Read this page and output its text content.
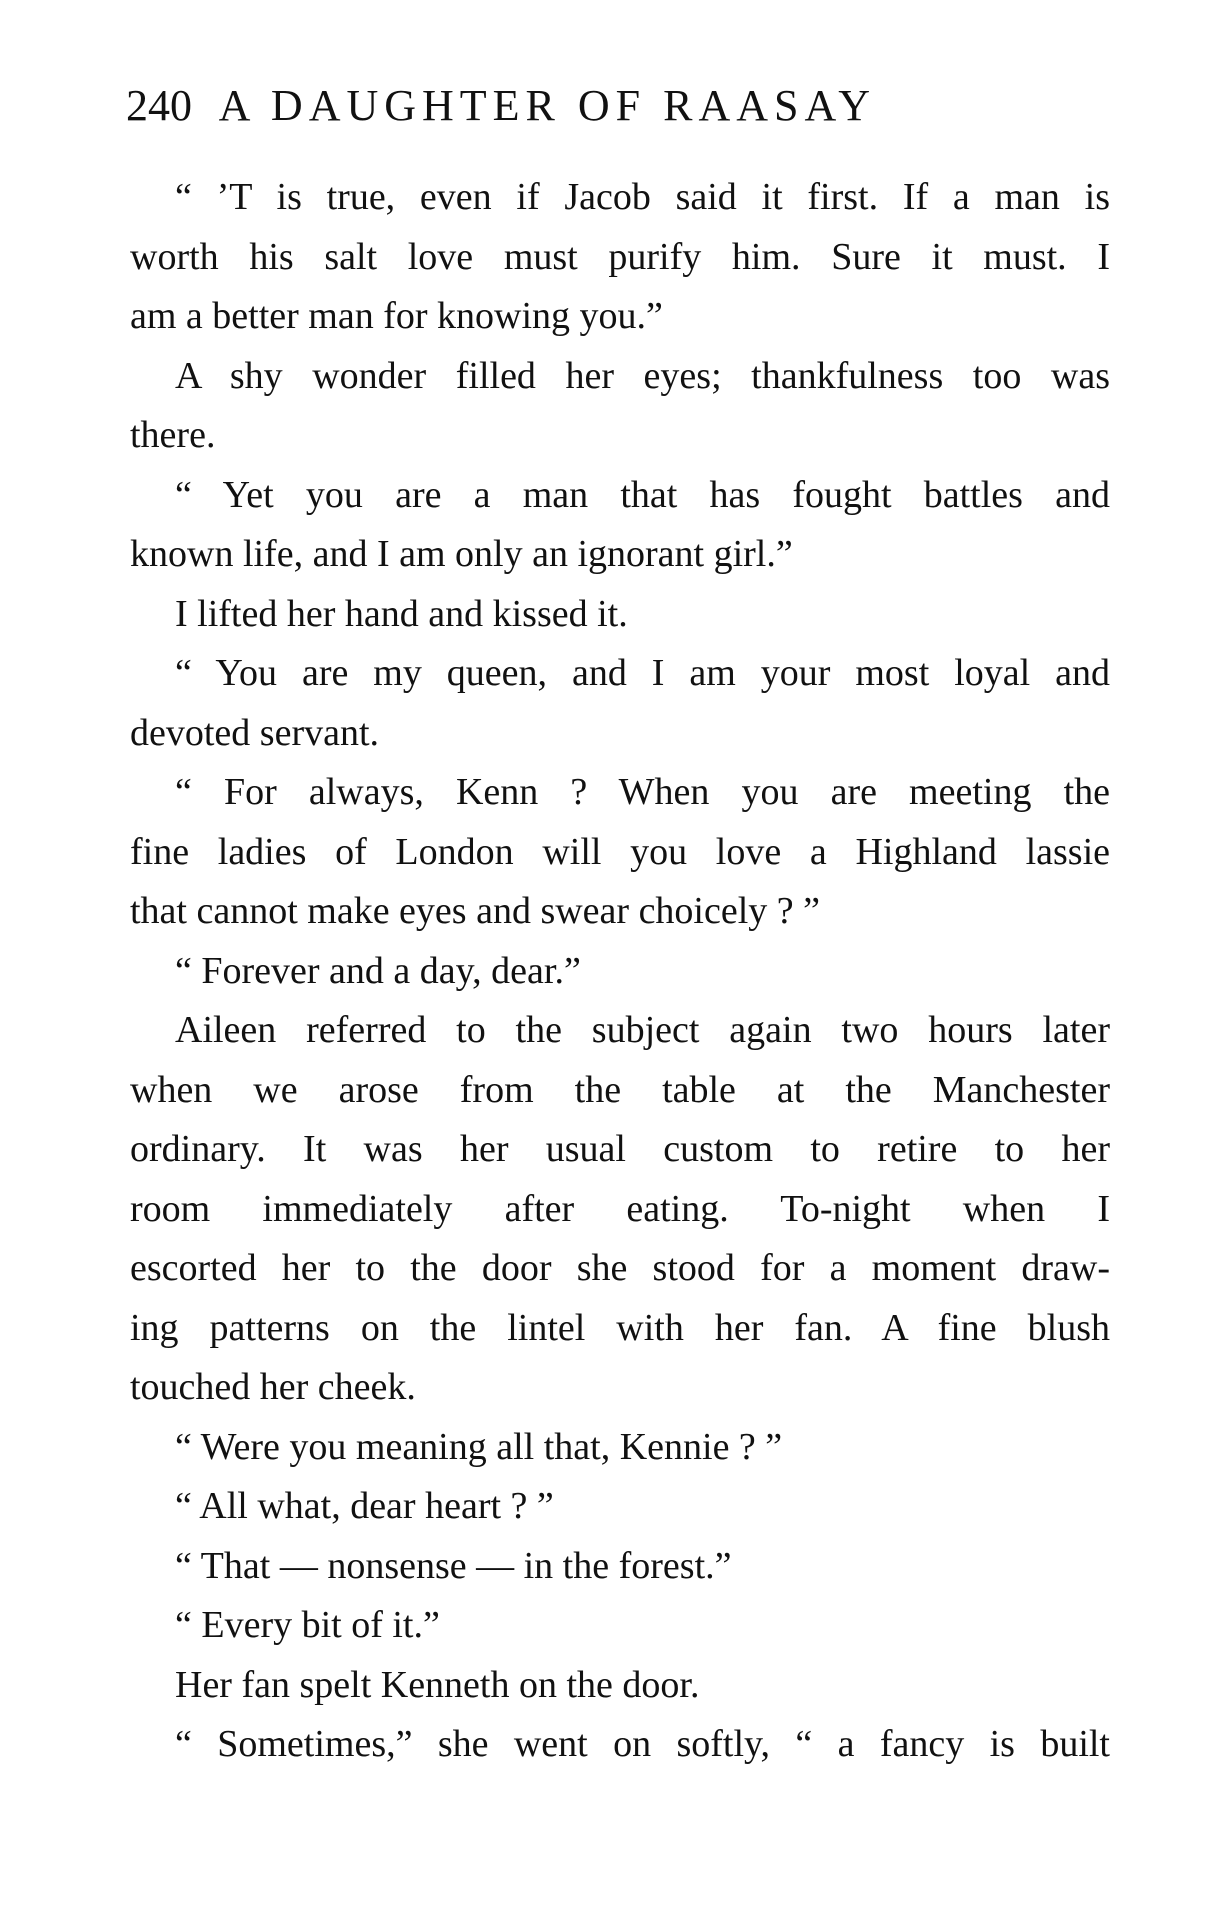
240 A DAUGHTER OF RAASAY
“ ’T is true, even if Jacob said it first. If a man is
worth his salt love must purify him. Sure it must. I
am a better man for knowing you.”
A shy wonder filled her eyes; thankfulness too was
there.
“ Yet you are a man that has fought battles and
known life, and I am only an ignorant girl.”
I lifted her hand and kissed it.
“ You are my queen, and I am your most loyal and
devoted servant.
“ For always, Kenn ? When you are meeting the
fine ladies of London will you love a Highland lassie
that cannot make eyes and swear choicely ? ”
“ Forever and a day, dear.”
Aileen referred to the subject again two hours later
when we arose from the table at the Manchester
ordinary. It was her usual custom to retire to her
room immediately after eating. To-night when I
escorted her to the door she stood for a moment draw-
ing patterns on the lintel with her fan. A fine blush
touched her cheek.
“ Were you meaning all that, Kennie ? ”
“ All what, dear heart ? ”
“ That — nonsense — in the forest.”
“ Every bit of it.”
Her fan spelt Kenneth on the door.
“ Sometimes,” she went on softly, “ a fancy is built
